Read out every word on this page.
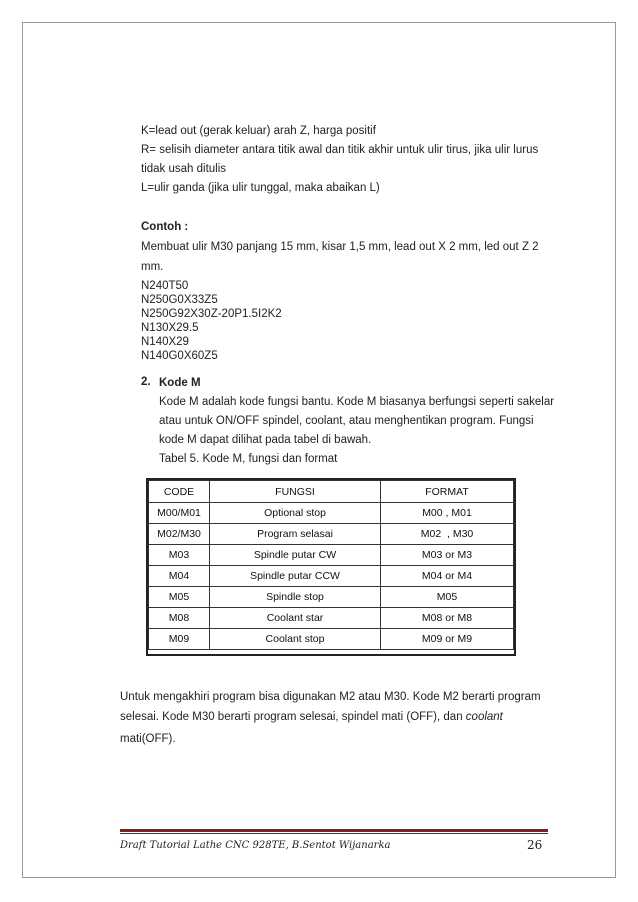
K=lead out (gerak keluar) arah Z, harga positif
R= selisih diameter antara titik awal dan titik akhir untuk ulir tirus, jika ulir lurus
tidak usah ditulis
L=ulir ganda (jika ulir tunggal, maka abaikan L)
Contoh :
Membuat ulir M30 panjang 15 mm, kisar 1,5 mm, lead out X 2 mm, led out Z 2
mm.
N240T50
N250G0X33Z5
N250G92X30Z-20P1.5I2K2
N130X29.5
N140X29
N140G0X60Z5
2. Kode M
Kode M adalah kode fungsi bantu. Kode M biasanya berfungsi seperti sakelar
atau untuk ON/OFF spindel, coolant, atau menghentikan program. Fungsi
kode M dapat dilihat pada tabel di bawah.
Tabel 5. Kode M, fungsi dan format
CODE	FUNGSI	FORMAT
M00/M01	Optional stop	M00 , M01
M02/M30	Program selasai	M02  , M30
M03	Spindle putar CW	M03 or M3
M04	Spindle putar CCW	M04 or M4
M05	Spindle stop	M05
M08	Coolant star	M08 or M8
M09	Coolant stop	M09 or M9
Untuk mengakhiri program bisa digunakan M2 atau M30. Kode M2 berarti program
selesai. Kode M30 berarti program selesai, spindel mati (OFF), dan coolant
mati(OFF).
Draft Tutorial Lathe CNC 928TE, B.Sentot Wijanarka	26
